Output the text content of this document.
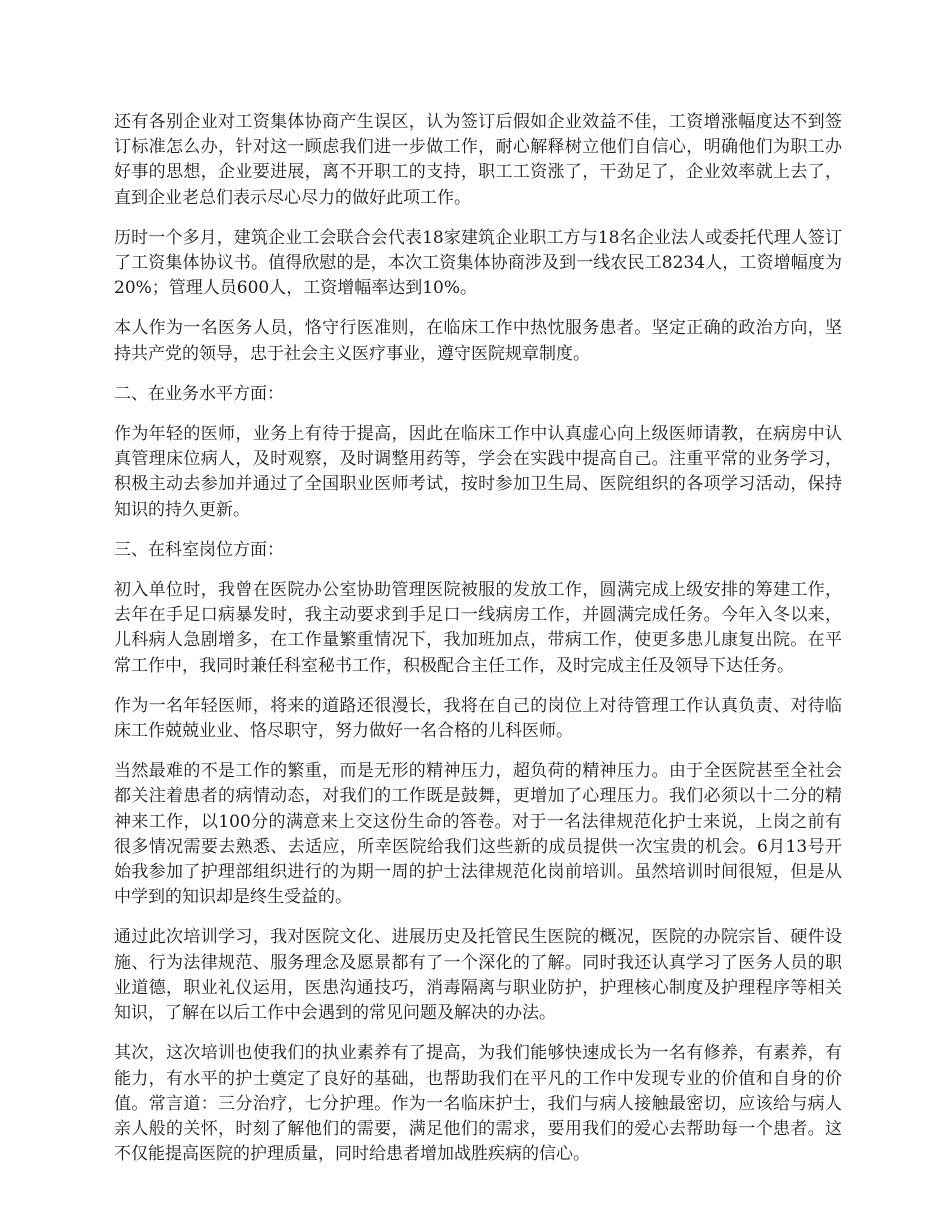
还有各别企业对工资集体协商产生误区，认为签订后假如企业效益不佳，工资增涨幅度达不到签订标准怎么办，针对这一顾虑我们进一步做工作，耐心解释树立他们自信心，明确他们为职工办好事的思想，企业要进展，离不开职工的支持，职工工资涨了，干劲足了，企业效率就上去了，直到企业老总们表示尽心尽力的做好此项工作。

历时一个多月，建筑企业工会联合会代表18家建筑企业职工方与18名企业法人或委托代理人签订了工资集体协议书。值得欣慰的是，本次工资集体协商涉及到一线农民工8234人，工资增幅度为20%；管理人员600人，工资增幅率达到10%。

本人作为一名医务人员，恪守行医准则，在临床工作中热忱服务患者。坚定正确的政治方向，坚持共产党的领导，忠于社会主义医疗事业，遵守医院规章制度。

二、在业务水平方面：

作为年轻的医师，业务上有待于提高，因此在临床工作中认真虚心向上级医师请教，在病房中认真管理床位病人，及时观察，及时调整用药等，学会在实践中提高自己。注重平常的业务学习，积极主动去参加并通过了全国职业医师考试，按时参加卫生局、医院组织的各项学习活动，保持知识的持久更新。

三、在科室岗位方面：

初入单位时，我曾在医院办公室协助管理医院被服的发放工作，圆满完成上级安排的筹建工作，去年在手足口病暴发时，我主动要求到手足口一线病房工作，并圆满完成任务。今年入冬以来，儿科病人急剧增多，在工作量繁重情况下，我加班加点，带病工作，使更多患儿康复出院。在平常工作中，我同时兼任科室秘书工作，积极配合主任工作，及时完成主任及领导下达任务。

作为一名年轻医师，将来的道路还很漫长，我将在自己的岗位上对待管理工作认真负责、对待临床工作兢兢业业、恪尽职守，努力做好一名合格的儿科医师。

当然最难的不是工作的繁重，而是无形的精神压力，超负荷的精神压力。由于全医院甚至全社会都关注着患者的病情动态，对我们的工作既是鼓舞，更增加了心理压力。我们必须以十二分的精神来工作，以100分的满意来上交这份生命的答卷。对于一名法律规范化护士来说，上岗之前有很多情况需要去熟悉、去适应，所幸医院给我们这些新的成员提供一次宝贵的机会。6月13号开始我参加了护理部组织进行的为期一周的护士法律规范化岗前培训。虽然培训时间很短，但是从中学到的知识却是终生受益的。

通过此次培训学习，我对医院文化、进展历史及托管民生医院的概况，医院的办院宗旨、硬件设施、行为法律规范、服务理念及愿景都有了一个深化的了解。同时我还认真学习了医务人员的职业道德，职业礼仪运用，医患沟通技巧，消毒隔离与职业防护，护理核心制度及护理程序等相关知识，了解在以后工作中会遇到的常见问题及解决的办法。

其次，这次培训也使我们的执业素养有了提高，为我们能够快速成长为一名有修养，有素养，有能力，有水平的护士奠定了良好的基础，也帮助我们在平凡的工作中发现专业的价值和自身的价值。常言道：三分治疗，七分护理。作为一名临床护士，我们与病人接触最密切，应该给与病人亲人般的关怀，时刻了解他们的需要，满足他们的需求，要用我们的爱心去帮助每一个患者。这不仅能提高医院的护理质量，同时给患者增加战胜疾病的信心。
